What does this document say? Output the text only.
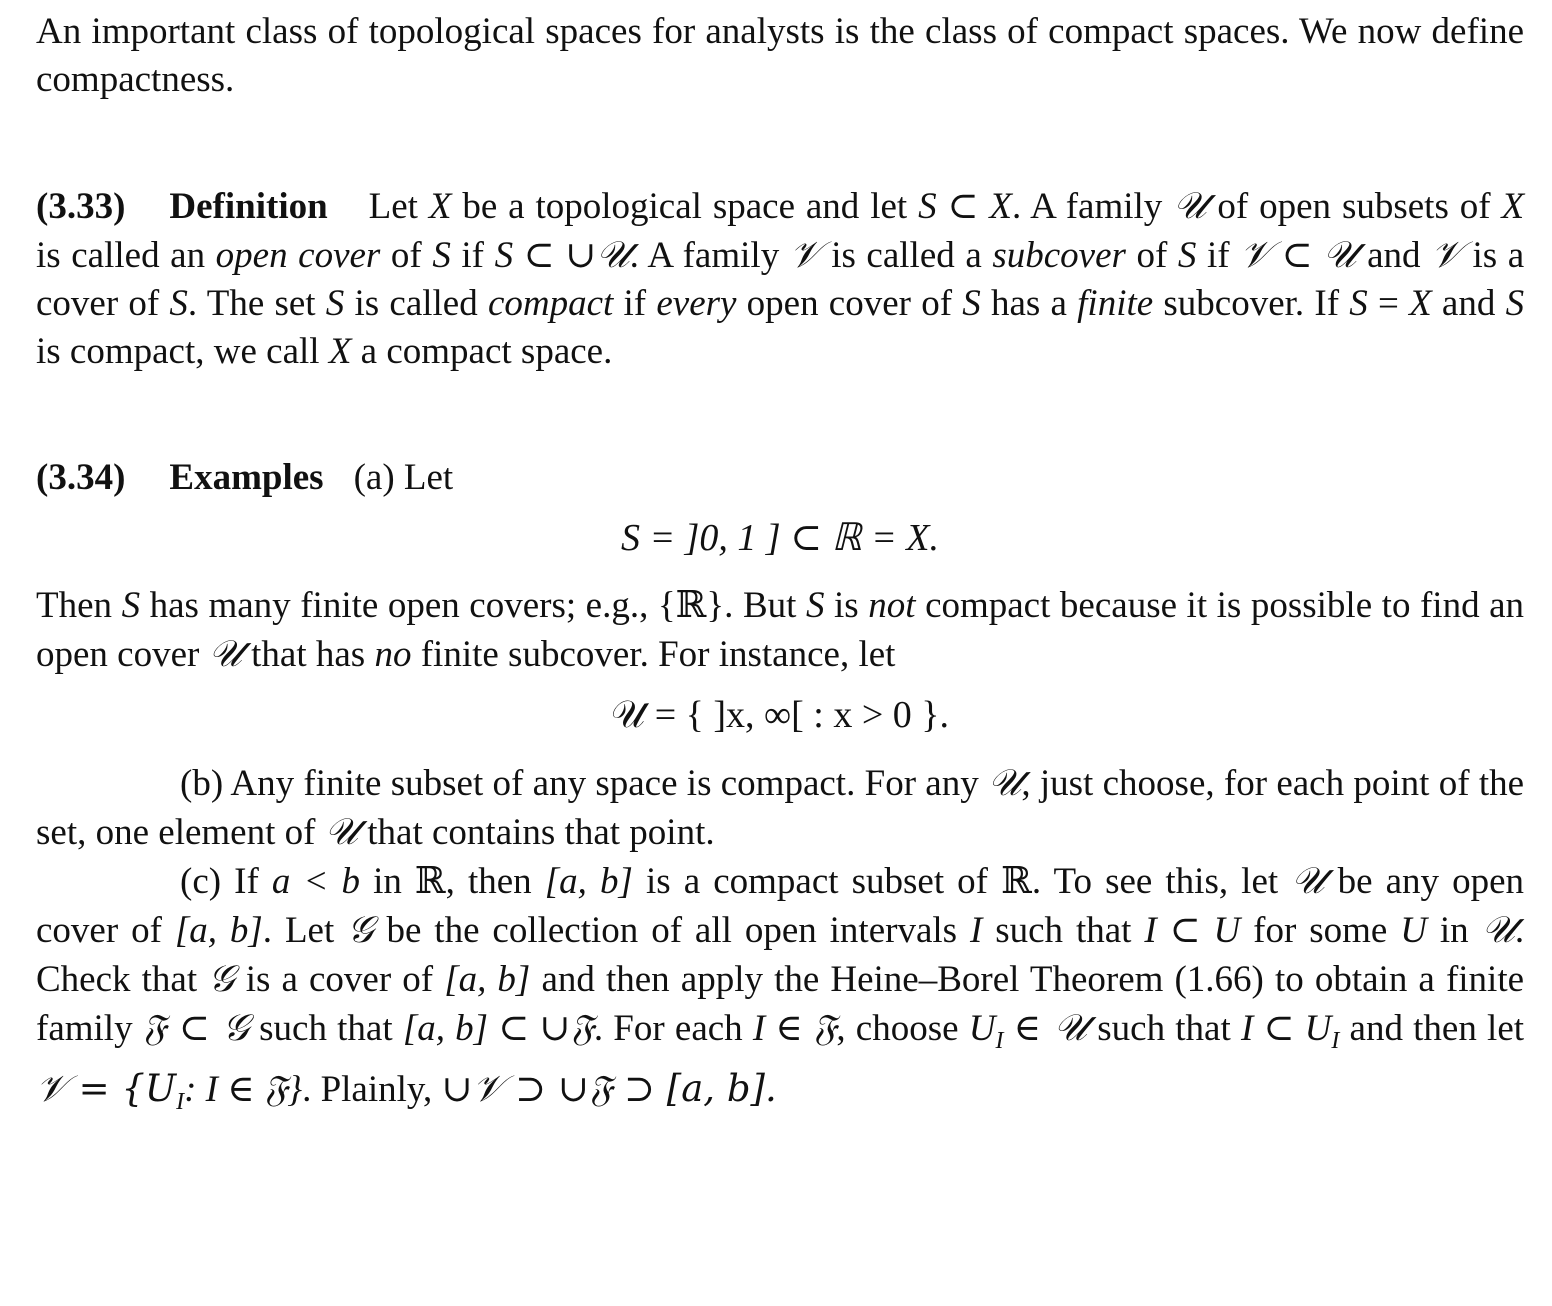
An important class of topological spaces for analysts is the class of compact spaces. We now define compactness.

(3.33) Definition Let X be a topological space and let S ⊂ X. A family 𝒰 of open subsets of X is called an open cover of S if S ⊂ ∪𝒰. A family 𝒱 is called a subcover of S if 𝒱 ⊂ 𝒰 and 𝒱 is a cover of S. The set S is called compact if every open cover of S has a finite subcover. If S = X and S is compact, we call X a compact space.

(3.34) Examples (a) Let

S = ]0, 1 ] ⊂ ℝ = X.

Then S has many finite open covers; e.g., {ℝ}. But S is not compact because it is possible to find an open cover 𝒰 that has no finite subcover. For instance, let

𝒰 = { ]x, ∞[ : x > 0 }.

(b) Any finite subset of any space is compact. For any 𝒰, just choose, for each point of the set, one element of 𝒰 that contains that point.

(c) If a < b in ℝ, then [a, b] is a compact subset of ℝ. To see this, let 𝒰 be any open cover of [a, b]. Let 𝒢 be the collection of all open intervals I such that I ⊂ U for some U in 𝒰. Check that 𝒢 is a cover of [a, b] and then apply the Heine–Borel Theorem (1.66) to obtain a finite family 𝔉 ⊂ 𝒢 such that [a, b] ⊂ ∪𝔉. For each I ∈ 𝔉, choose $U_I$ ∈ 𝒰 such that I ⊂ $U_I$ and then let 𝒱 = {$U_I$: I ∈ 𝔉}. Plainly, ∪𝒱 ⊃ ∪𝔉 ⊃ [a, b].
